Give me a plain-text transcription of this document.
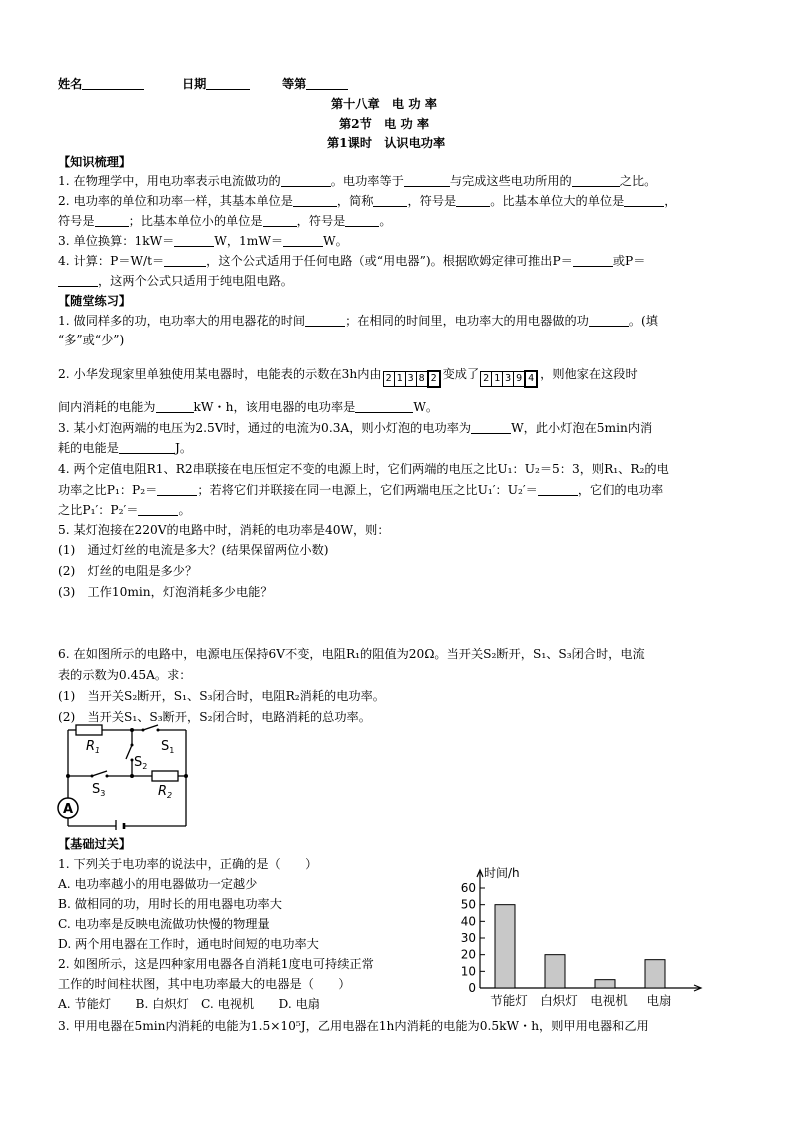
姓名	日期	等第
第十八章　电 功 率
第2节　电 功 率
第1课时　认识电功率
【知识梳理】
1. 在物理学中，用电功率表示电流做功的	。电功率等于	与完成这些电功所用的	之比。
2. 电功率的单位和功率一样，其基本单位是	，简称	，符号是	。比基本单位大的单位是	，
符号是	；比基本单位小的单位是	，符号是	。
3. 单位换算：1kW＝	W，1mW＝	W。
4. 计算：P＝W/t＝	，这个公式适用于任何电路（或“用电器”)。根据欧姆定律可推出P＝	或P＝
，这两个公式只适用于纯电阻电路。
【随堂练习】
1. 做同样多的功，电功率大的用电器花的时间	；在相同的时间里，电功率大的用电器做的功	。(填
“多”或“少”)
2. 小华发现家里单独使用某电器时，电能表的示数在3h内由 2 1 3 8 2 变成了 2 1 3 9 4 ，则他家在这段时
间内消耗的电能为	kW・h，该用电器的电功率是	W。
3. 某小灯泡两端的电压为2.5V时，通过的电流为0.3A，则小灯泡的电功率为	W，此小灯泡在5min内消
耗的电能是	J。
4. 两个定值电阻R1、R2串联接在电压恒定不变的电源上时，它们两端的电压之比U₁：U₂＝5：3，则R₁、R₂的电
功率之比P₁：P₂＝	；若将它们并联接在同一电源上，它们两端电压之比U₁′：U₂′＝	，它们的电功率
之比P₁′：P₂′＝	。
5. 某灯泡接在220V的电路中时，消耗的电功率是40W，则：
(1)　通过灯丝的电流是多大？(结果保留两位小数)
(2)　灯丝的电阻是多少？
(3)　工作10min，灯泡消耗多少电能？
6. 在如图所示的电路中，电源电压保持6V不变，电阻R₁的阻值为20Ω。当开关S₂断开，S₁、S₃闭合时，电流
表的示数为0.45A。求：
(1)　当开关S₂断开，S₁、S₃闭合时，电阻R₂消耗的电功率。
(2)　当开关S₁、S₃断开，S₂闭合时，电路消耗的总功率。
A
$R_1$	$S_1$
$S_2$
$S_3$	$R_2$
【基础过关】
1. 下列关于电功率的说法中，正确的是（　　）
A. 电功率越小的用电器做功一定越少
B. 做相同的功，用时长的用电器电功率大
C. 电功率是反映电流做功快慢的物理量
D. 两个用电器在工作时，通电时间短的电功率大
2. 如图所示，这是四种家用电器各自消耗1度电可持续正常
工作的时间柱状图，其中电功率最大的电器是（　　）
A. 节能灯　　B. 白炽灯　C. 电视机　　D. 电扇
3. 甲用电器在5min内消耗的电能为1.5×10⁵J，乙用电器在1h内消耗的电能为0.5kW・h，则甲用电器和乙用
时间/h
0
10
20
30
40
50
60
节能灯 白炽灯 电视机 电扇
